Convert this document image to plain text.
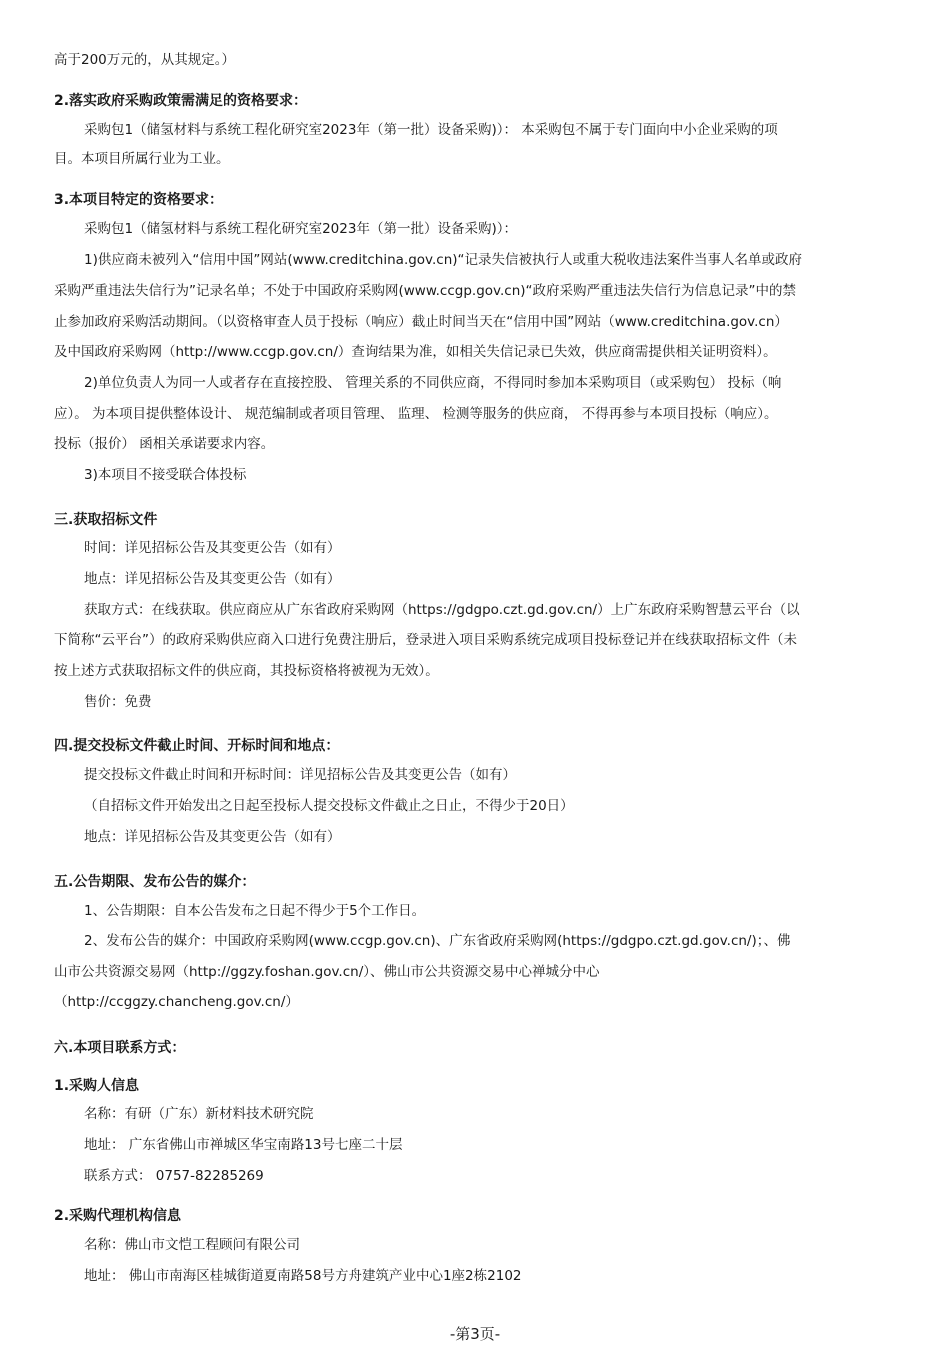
高于200万元的，从其规定。）
2.落实政府采购政策需满足的资格要求：
采购包1（储氢材料与系统工程化研究室2023年（第一批）设备采购)）： 本采购包不属于专门面向中小企业采购的项
目。本项目所属行业为工业。
3.本项目特定的资格要求：
采购包1（储氢材料与系统工程化研究室2023年（第一批）设备采购)）：
1)供应商未被列入“信用中国”网站(www.creditchina.gov.cn)“记录失信被执行人或重大税收违法案件当事人名单或政府
采购严重违法失信行为”记录名单；不处于中国政府采购网(www.ccgp.gov.cn)“政府采购严重违法失信行为信息记录”中的禁
止参加政府采购活动期间。（以资格审查人员于投标（响应）截止时间当天在“信用中国”网站（www.creditchina.gov.cn）
及中国政府采购网（http://www.ccgp.gov.cn/）查询结果为准，如相关失信记录已失效，供应商需提供相关证明资料）。
2)单位负责人为同一人或者存在直接控股、 管理关系的不同供应商，不得同时参加本采购项目（或采购包） 投标（响
应）。 为本项目提供整体设计、 规范编制或者项目管理、 监理、 检测等服务的供应商， 不得再参与本项目投标（响应）。
投标（报价） 函相关承诺要求内容。
3)本项目不接受联合体投标
三.获取招标文件
时间：详见招标公告及其变更公告（如有）
地点：详见招标公告及其变更公告（如有）
获取方式：在线获取。供应商应从广东省政府采购网（https://gdgpo.czt.gd.gov.cn/）上广东政府采购智慧云平台（以
下简称“云平台”）的政府采购供应商入口进行免费注册后，登录进入项目采购系统完成项目投标登记并在线获取招标文件（未
按上述方式获取招标文件的供应商，其投标资格将被视为无效）。
售价：免费
四.提交投标文件截止时间、开标时间和地点：
提交投标文件截止时间和开标时间：详见招标公告及其变更公告（如有）
（自招标文件开始发出之日起至投标人提交投标文件截止之日止，不得少于20日）
地点：详见招标公告及其变更公告（如有）
五.公告期限、发布公告的媒介：
1、公告期限：自本公告发布之日起不得少于5个工作日。
2、发布公告的媒介：中国政府采购网(www.ccgp.gov.cn)、广东省政府采购网(https://gdgpo.czt.gd.gov.cn/)；、佛
山市公共资源交易网（http://ggzy.foshan.gov.cn/）、佛山市公共资源交易中心禅城分中心
（http://ccggzy.chancheng.gov.cn/）
六.本项目联系方式：
1.采购人信息
名称：有研（广东）新材料技术研究院
地址： 广东省佛山市禅城区华宝南路13号七座二十层
联系方式： 0757-82285269
2.采购代理机构信息
名称：佛山市文恺工程顾问有限公司
地址： 佛山市南海区桂城街道夏南路58号方舟建筑产业中心1座2栋2102
-第3页-
